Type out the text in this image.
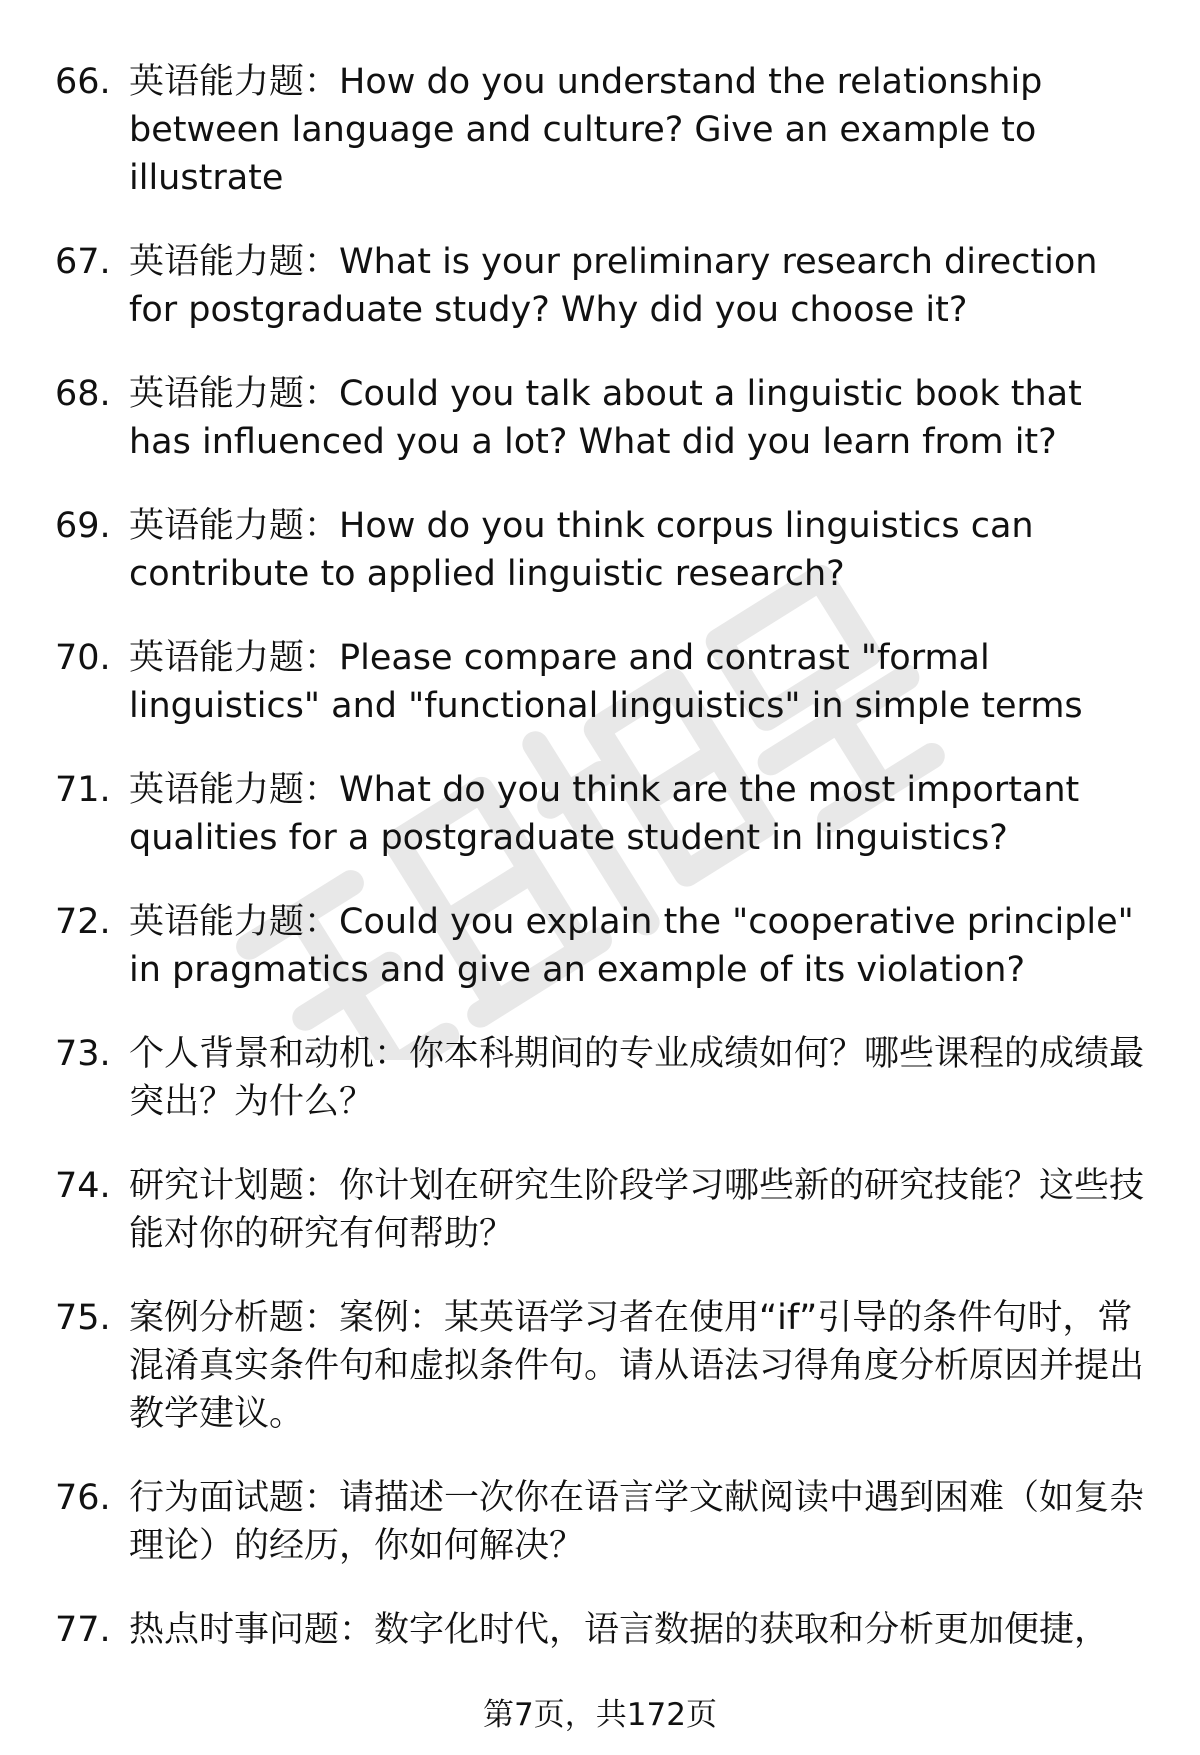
66. 英语能力题：How do you understand the relationship between language and culture? Give an example to illustrate
67. 英语能力题：What is your preliminary research direction for postgraduate study? Why did you choose it?
68. 英语能力题：Could you talk about a linguistic book that has influenced you a lot? What did you learn from it?
69. 英语能力题：How do you think corpus linguistics can contribute to applied linguistic research?
70. 英语能力题：Please compare and contrast "formal linguistics" and "functional linguistics" in simple terms
71. 英语能力题：What do you think are the most important qualities for a postgraduate student in linguistics?
72. 英语能力题：Could you explain the "cooperative principle" in pragmatics and give an example of its violation?
73. 个人背景和动机：你本科期间的专业成绩如何？哪些课程的成绩最突出？为什么？
74. 研究计划题：你计划在研究生阶段学习哪些新的研究技能？这些技能对你的研究有何帮助？
75. 案例分析题：案例：某英语学习者在使用“if”引导的条件句时，常混淆真实条件句和虚拟条件句。请从语法习得角度分析原因并提出教学建议。
76. 行为面试题：请描述一次你在语言学文献阅读中遇到困难（如复杂理论）的经历，你如何解决？
77. 热点时事问题：数字化时代，语言数据的获取和分析更加便捷，
第7页，共172页
